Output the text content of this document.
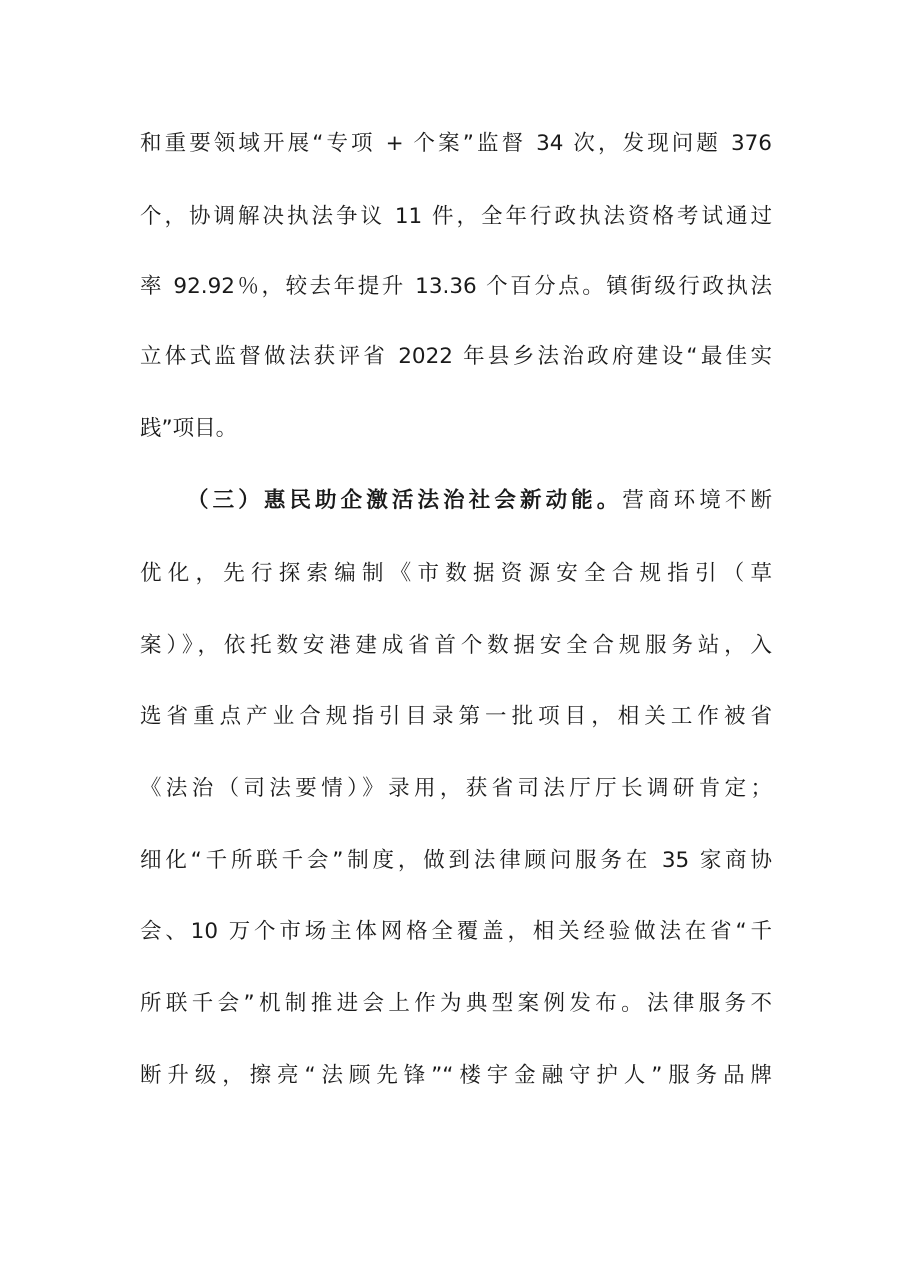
和重要领域开展“专项 + 个案”监督 34 次，发现问题 376
个，协调解决执法争议 11 件，全年行政执法资格考试通过
率 92.92％，较去年提升 13.36 个百分点。镇街级行政执法
立体式监督做法获评省 2022 年县乡法治政府建设“最佳实
践”项目。
（三）惠民助企激活法治社会新动能。营商环境不断
优化，先行探索编制《市数据资源安全合规指引（草
案）》，依托数安港建成省首个数据安全合规服务站，入
选省重点产业合规指引目录第一批项目，相关工作被省
《法治（司法要情）》录用，获省司法厅厅长调研肯定；
细化“千所联千会”制度，做到法律顾问服务在 35 家商协
会、10 万个市场主体网格全覆盖，相关经验做法在省“千
所联千会”机制推进会上作为典型案例发布。法律服务不
断升级，擦亮“法顾先锋”“楼宇金融守护人”服务品牌
